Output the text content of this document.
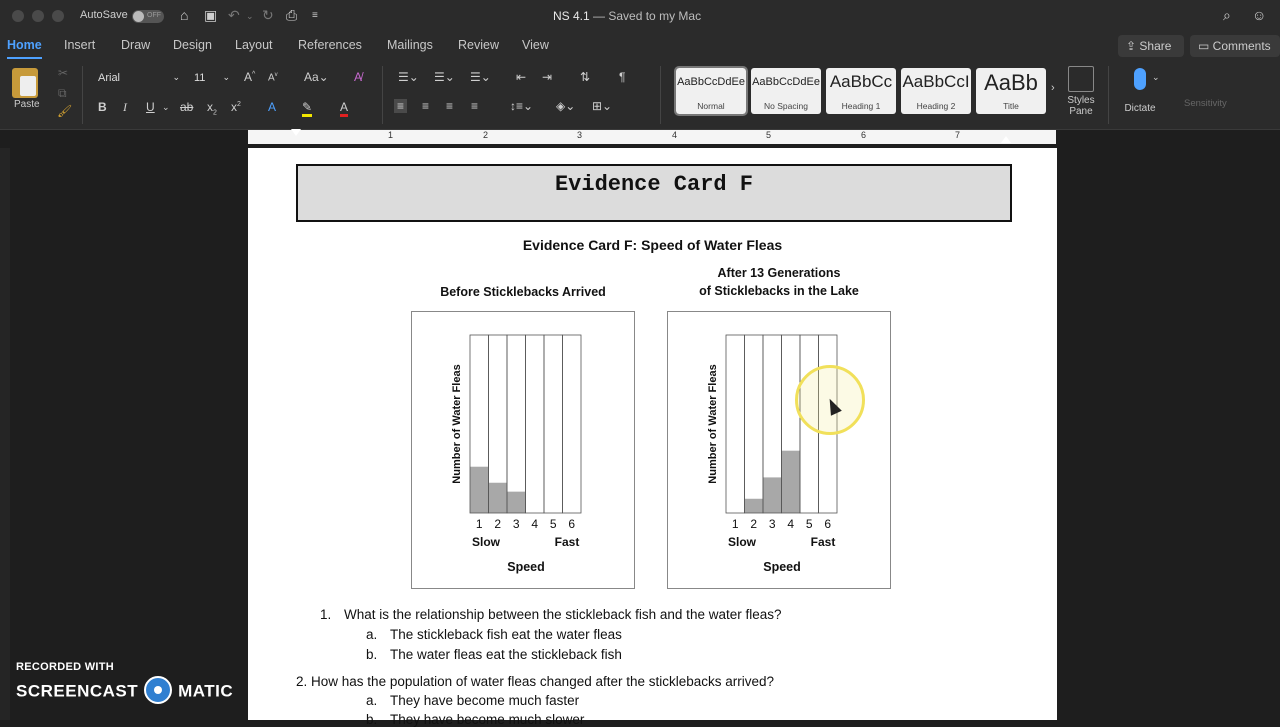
AutoSave	OFF ⌂ ▣ ↶ ⌄ ↻ ⎙ ≡	NS 4.1 — Saved to my Mac	⌕ ☺
Home Insert Draw Design Layout References Mailings Review View	⇪ Share	▭ Comments
Paste
✂
⧉
🖌
Arial	⌄	11 ⌄ A^ $A^v$ Aa⌄ A̸
B I U ⌄ ab $x_2$ $x^2$ A ✎ A
☰⌄ ☰⌄ ☰⌄ ⇤ ⇥ ⇅ ¶
≡ ≡ ≡ ≡	↕≡⌄ ◈⌄ ⊞⌄
AaBbCcDdEe
Normal
AaBbCcDdEe
No Spacing
AaBbCc
Heading 1
AaBbCcI
Heading 2
AaBb
Title
›
Styles Pane	Dictate
⌄
Sensitivity
1	2	3	4	5	6	7
Evidence Card F
Evidence Card F: Speed of Water Fleas
Before Sticklebacks Arrived
After 13 Generations
of Sticklebacks in the Lake
1 2 3 4 5 6
Slow	Fast
Speed
Number of Water Fleas
1 2 3 4 5 6
Slow	Fast
Speed
Number of Water Fleas
1. What is the relationship between the stickleback fish and the water fleas?
a. The stickleback fish eat the water fleas
b. The water fleas eat the stickleback fish
2. How has the population of water fleas changed after the sticklebacks arrived?
a. They have become much faster
b. They have become much slower
RECORDED WITH
SCREENCAST MATIC
